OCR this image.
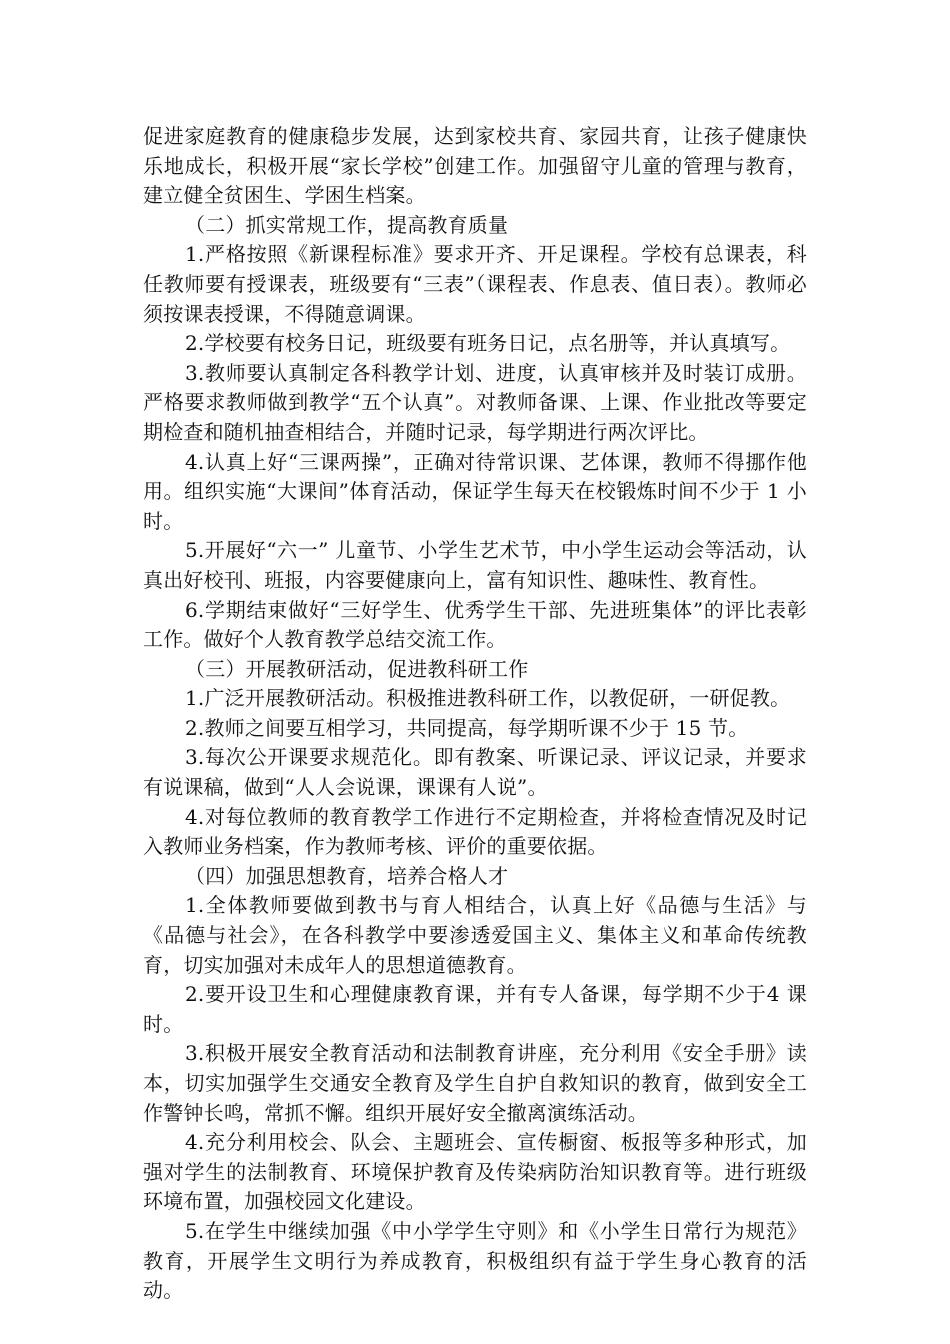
促进家庭教育的健康稳步发展，达到家校共育、家园共育，让孩子健康快乐地成长，积极开展“家长学校”创建工作。加强留守儿童的管理与教育，建立健全贫困生、学困生档案。

（二）抓实常规工作，提高教育质量

1.严格按照《新课程标准》要求开齐、开足课程。学校有总课表，科任教师要有授课表，班级要有“三表”（课程表、作息表、值日表）。教师必须按课表授课，不得随意调课。

2.学校要有校务日记，班级要有班务日记，点名册等，并认真填写。

3.教师要认真制定各科教学计划、进度，认真审核并及时装订成册。严格要求教师做到教学“五个认真”。对教师备课、上课、作业批改等要定期检查和随机抽查相结合，并随时记录，每学期进行两次评比。

4.认真上好“三课两操”，正确对待常识课、艺体课，教师不得挪作他用。组织实施“大课间”体育活动，保证学生每天在校锻炼时间不少于 1 小时。

5.开展好“六一” 儿童节、小学生艺术节，中小学生运动会等活动，认真出好校刊、班报，内容要健康向上，富有知识性、趣味性、教育性。

6.学期结束做好“三好学生、优秀学生干部、先进班集体”的评比表彰工作。做好个人教育教学总结交流工作。

（三）开展教研活动，促进教科研工作

1.广泛开展教研活动。积极推进教科研工作，以教促研，一研促教。

2.教师之间要互相学习，共同提高，每学期听课不少于 15 节。

3.每次公开课要求规范化。即有教案、听课记录、评议记录，并要求有说课稿，做到“人人会说课，课课有人说”。

4.对每位教师的教育教学工作进行不定期检查，并将检查情况及时记入教师业务档案，作为教师考核、评价的重要依据。

（四）加强思想教育，培养合格人才

1.全体教师要做到教书与育人相结合，认真上好《品德与生活》与《品德与社会》，在各科教学中要渗透爱国主义、集体主义和革命传统教育，切实加强对未成年人的思想道德教育。

2.要开设卫生和心理健康教育课，并有专人备课，每学期不少于4 课时。

3.积极开展安全教育活动和法制教育讲座，充分利用《安全手册》读本，切实加强学生交通安全教育及学生自护自救知识的教育，做到安全工作警钟长鸣，常抓不懈。组织开展好安全撤离演练活动。

4.充分利用校会、队会、主题班会、宣传橱窗、板报等多种形式，加强对学生的法制教育、环境保护教育及传染病防治知识教育等。进行班级环境布置，加强校园文化建设。

5.在学生中继续加强《中小学学生守则》和《小学生日常行为规范》教育，开展学生文明行为养成教育，积极组织有益于学生身心教育的活动。
